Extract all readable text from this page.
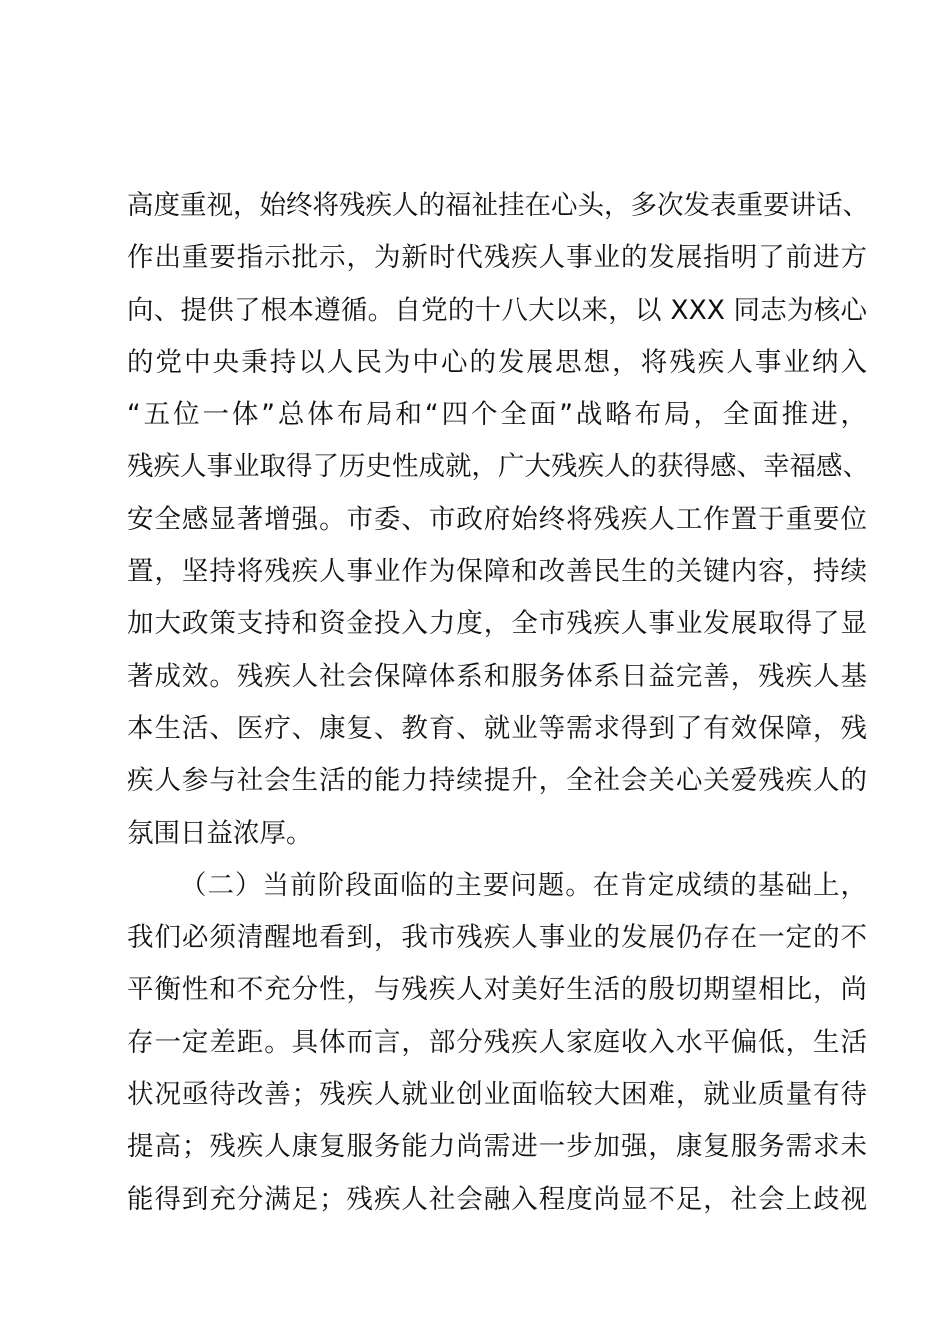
高度重视，始终将残疾人的福祉挂在心头，多次发表重要讲话、
作出重要指示批示，为新时代残疾人事业的发展指明了前进方
向、提供了根本遵循。自党的十八大以来，以 XXX 同志为核心
的党中央秉持以人民为中心的发展思想，将残疾人事业纳入
“五位一体”总体布局和“四个全面”战略布局，全面推进，
残疾人事业取得了历史性成就，广大残疾人的获得感、幸福感、
安全感显著增强。市委、市政府始终将残疾人工作置于重要位
置，坚持将残疾人事业作为保障和改善民生的关键内容，持续
加大政策支持和资金投入力度，全市残疾人事业发展取得了显
著成效。残疾人社会保障体系和服务体系日益完善，残疾人基
本生活、医疗、康复、教育、就业等需求得到了有效保障，残
疾人参与社会生活的能力持续提升，全社会关心关爱残疾人的
氛围日益浓厚。
（二）当前阶段面临的主要问题。在肯定成绩的基础上，
我们必须清醒地看到，我市残疾人事业的发展仍存在一定的不
平衡性和不充分性，与残疾人对美好生活的殷切期望相比，尚
存一定差距。具体而言，部分残疾人家庭收入水平偏低，生活
状况亟待改善；残疾人就业创业面临较大困难，就业质量有待
提高；残疾人康复服务能力尚需进一步加强，康复服务需求未
能得到充分满足；残疾人社会融入程度尚显不足，社会上歧视
